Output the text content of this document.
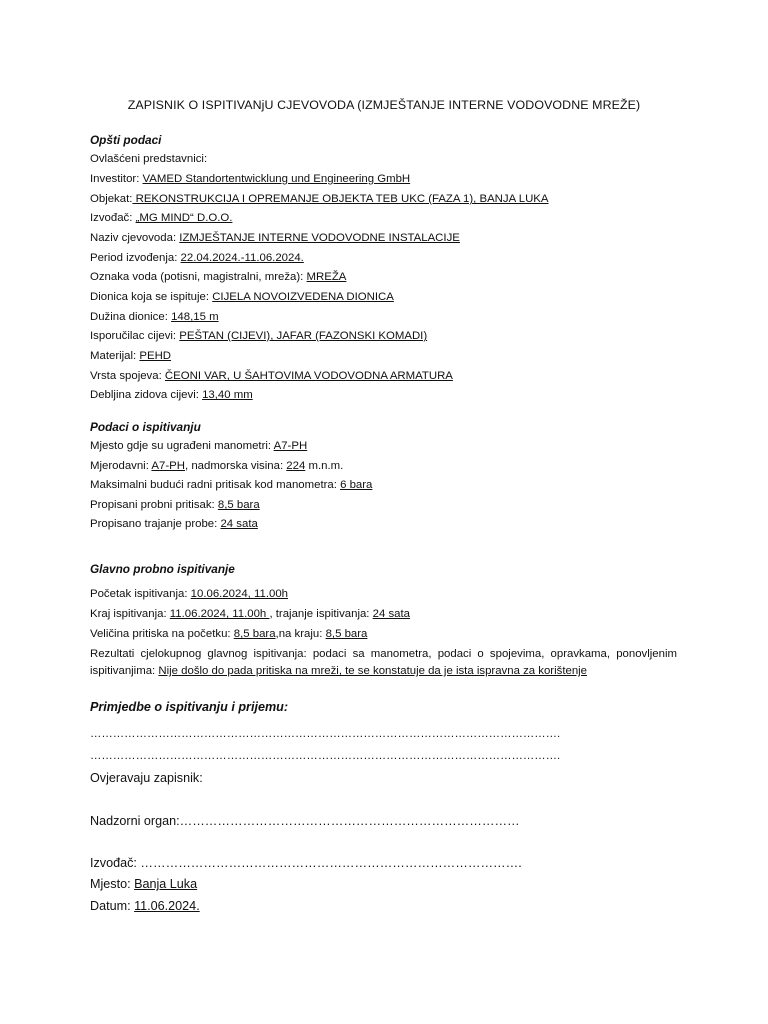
ZAPISNIK O ISPITIVANjU CJEVOVODA (IZMJEŠTANJE INTERNE VODOVODNE MREŽE)
Opšti podaci
Ovlašćeni predstavnici:
Investitor: VAMED Standortentwicklung und Engineering GmbH
Objekat: REKONSTRUKCIJA I OPREMANJE OBJEKTA TEB UKC (FAZA 1), BANJA LUKA
Izvođač: „MG MIND“ D.O.O.
Naziv cjevovoda: IZMJEŠTANJE INTERNE VODOVODNE INSTALACIJE
Period izvođenja: 22.04.2024.-11.06.2024.
Oznaka voda (potisni, magistralni, mreža): MREŽA
Dionica koja se ispituje: CIJELA NOVOIZVEDENA DIONICA
Dužina dionice: 148,15 m
Isporučilac cijevi: PEŠTAN (CIJEVI), JAFAR (FAZONSKI KOMADI)
Materijal: PEHD
Vrsta spojeva: ČEONI VAR, U ŠAHTOVIMA VODOVODNA ARMATURA
Debljina zidova cijevi: 13,40 mm
Podaci o ispitivanju
Mjesto gdje su ugrađeni manometri: A7-PH
Mjerodavni: A7-PH, nadmorska visina: 224 m.n.m.
Maksimalni budući radni pritisak kod manometra: 6 bara
Propisani probni pritisak: 8,5 bara
Propisano trajanje probe: 24 sata
Glavno probno ispitivanje
Početak ispitivanja: 10.06.2024, 11.00h
Kraj ispitivanja: 11.06.2024, 11.00h , trajanje ispitivanja: 24 sata
Veličina pritiska na početku: 8,5 bara,na kraju: 8,5 bara
Rezultati cjelokupnog glavnog ispitivanja: podaci sa manometra, podaci o spojevima, opravkama, ponovljenim ispitivanjima: Nije došlo do pada pritiska na mreži, te se konstatuje da je ista ispravna za korištenje
Primjedbe o ispitivanju i prijemu:
…………………………………………………………………………………………………………….
…………………………………………………………………………………………………………….
Ovjeravaju zapisnik:
Nadzorni organ:………………………………………………………………………
Izvođač: ……………………………………………………………………………….
Mjesto: Banja Luka
Datum: 11.06.2024.
